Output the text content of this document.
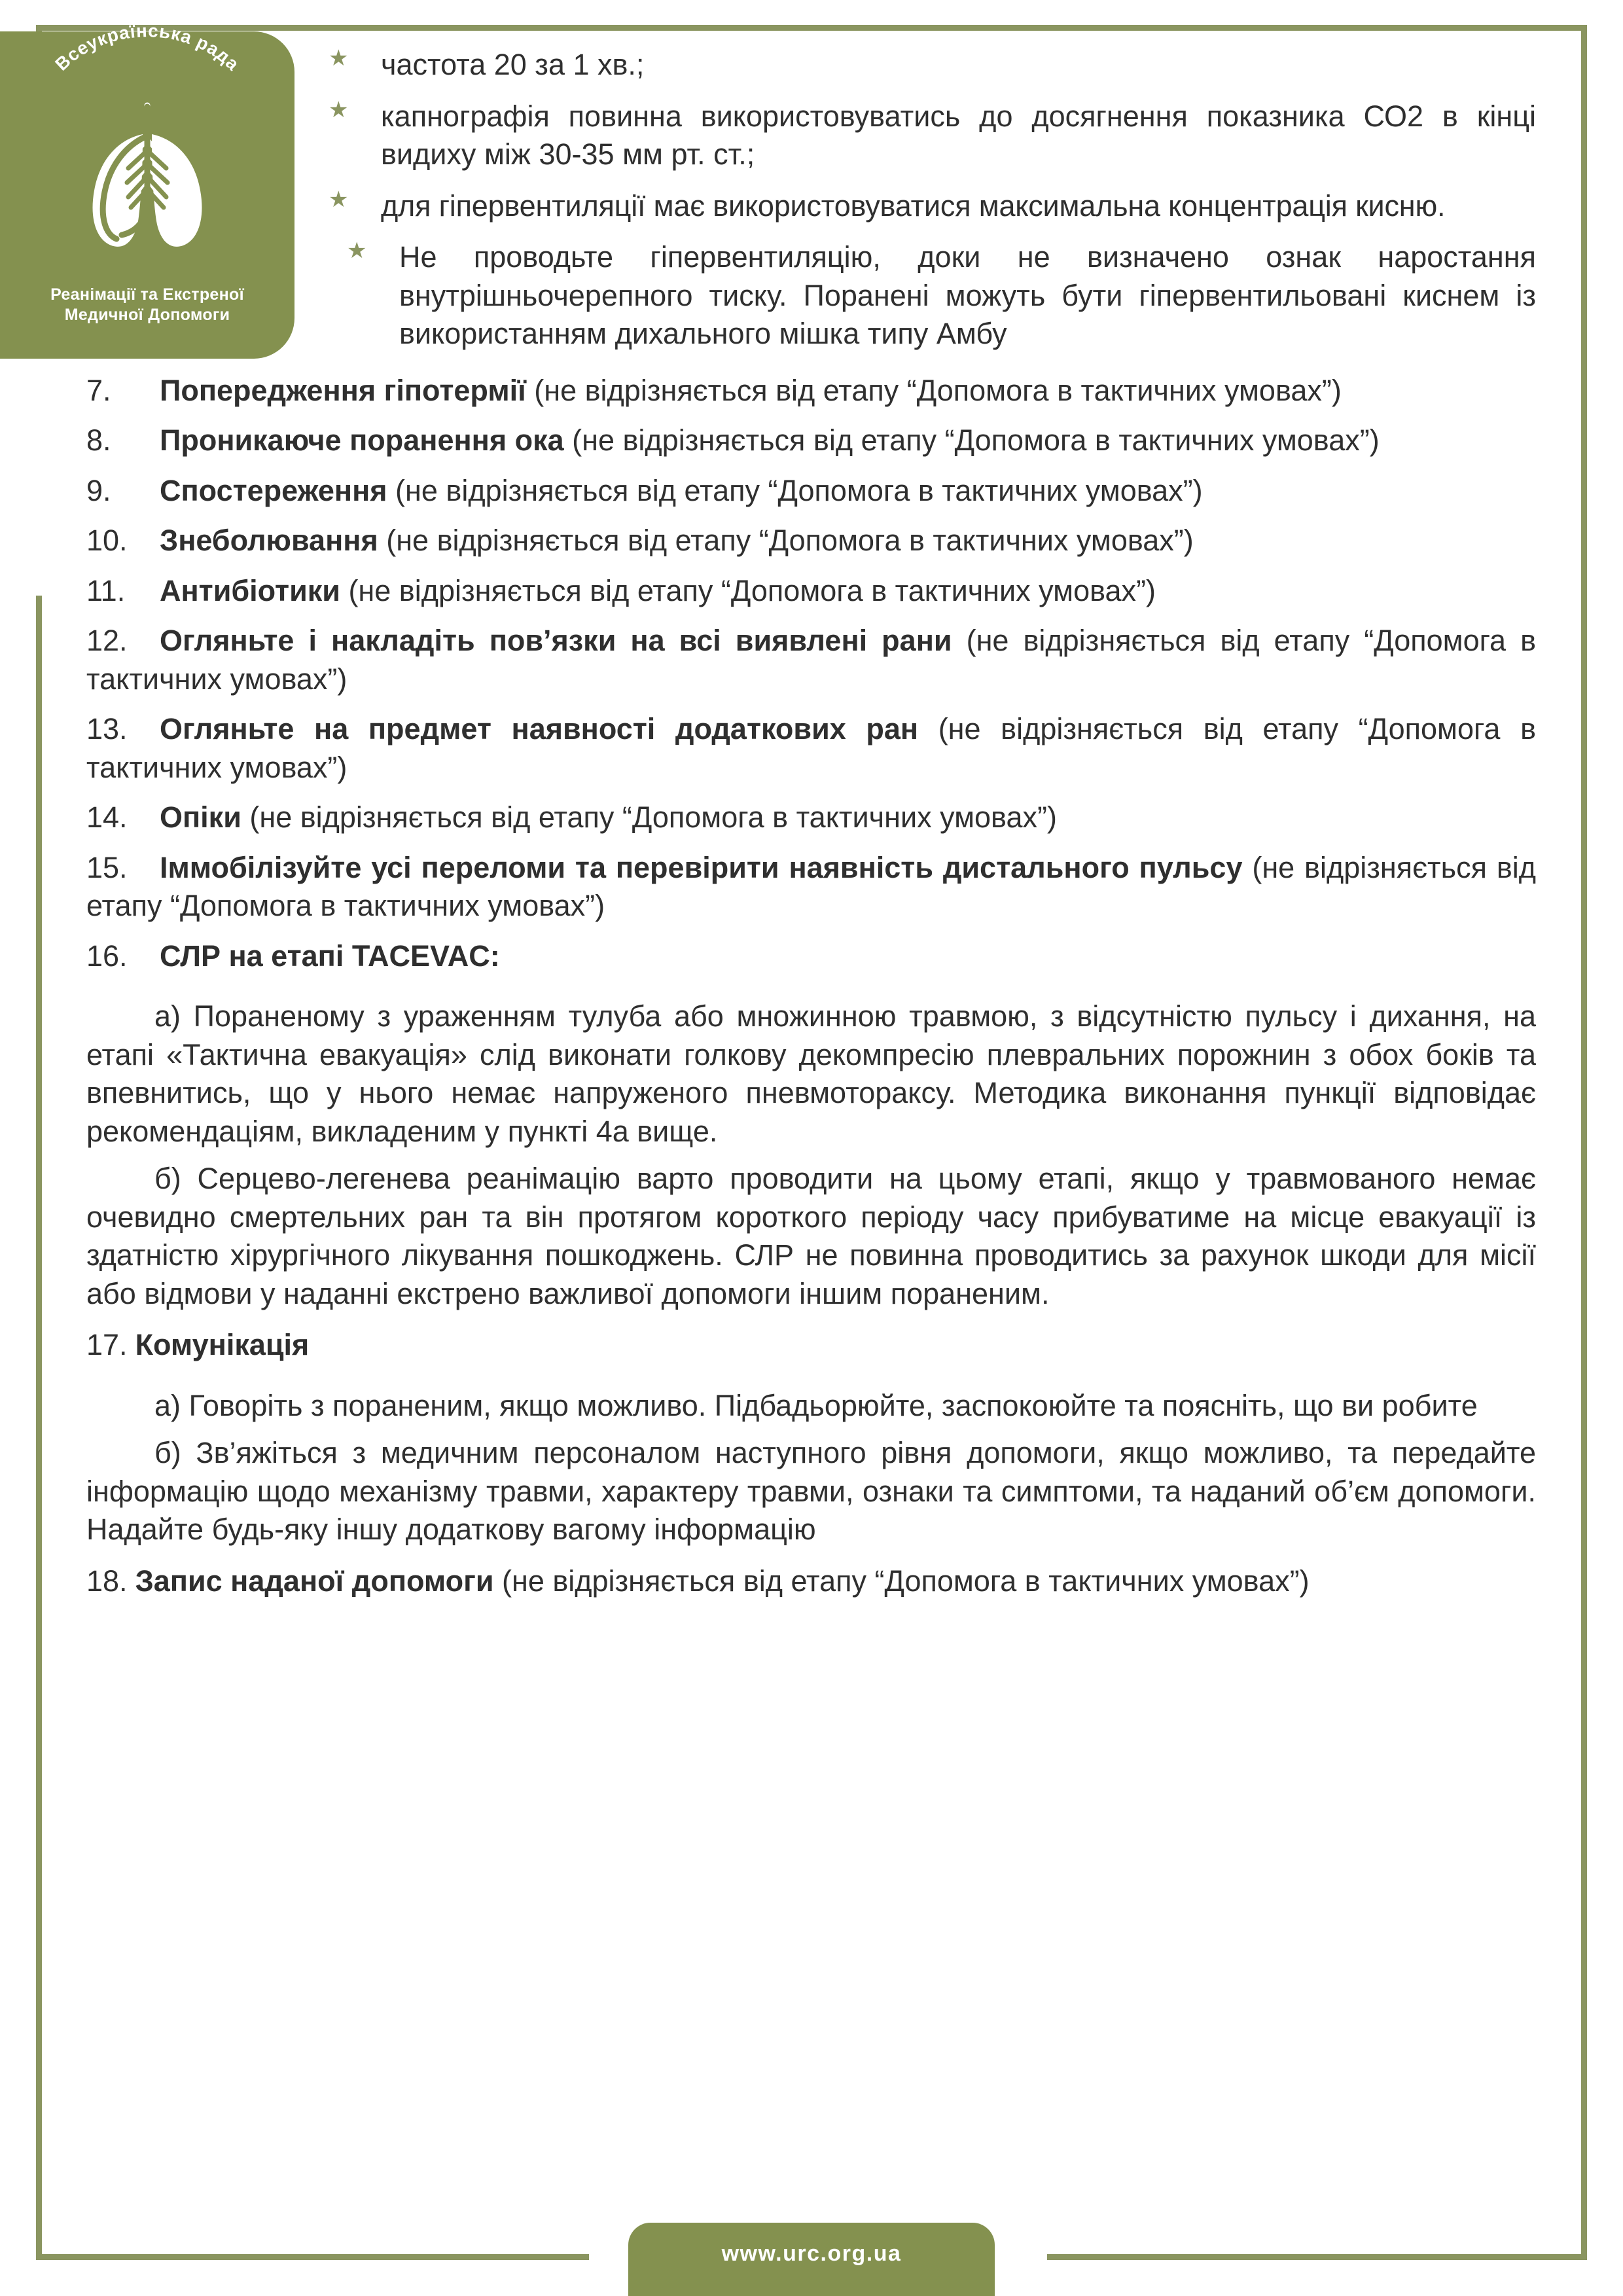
Всеукраїнська рада
Реанімації та Екстреної
Медичної Допомоги
★ частота 20 за 1 хв.;
★ капнографія повинна використовуватись до досягнення показника СО2 в кінці видиху між 30-35 мм рт. ст.;
★ для гіпервентиляції має використовуватися максимальна концентрація кисню.
★ Не проводьте гіпервентиляцію, доки не визначено ознак наростання внутрішньочерепного тиску. Поранені можуть бути гіпервентильовані киснем із використанням дихального мішка типу Амбу
7. Попередження гіпотермії (не відрізняється від етапу “Допомога в тактичних умовах”)
8. Проникаюче поранення ока (не відрізняється від етапу “Допомога в тактичних умовах”)
9. Спостереження (не відрізняється від етапу “Допомога в тактичних умовах”)
10. Знеболювання (не відрізняється від етапу “Допомога в тактичних умовах”)
11. Антибіотики (не відрізняється від етапу “Допомога в тактичних умовах”)
12. Огляньте і накладіть пов’язки на всі виявлені рани (не відрізняється від етапу “Допомога в тактичних умовах”)
13. Огляньте на предмет наявності додаткових ран (не відрізняється від етапу “Допомога в тактичних умовах”)
14. Опіки (не відрізняється від етапу “Допомога в тактичних умовах”)
15. Іммобілізуйте усі переломи та перевірити наявність дистального пульсу (не відрізняється від етапу “Допомога в тактичних умовах”)
16. СЛР на етапі TACEVAC:

а) Пораненому з ураженням тулуба або множинною травмою, з відсутністю пульсу і дихання, на етапі «Тактична евакуація» слід виконати голкову декомпресію плевральних порожнин з обох боків та впевнитись, що у нього немає напруженого пневмотораксу. Методика виконання пункції відповідає рекомендаціям, викладеним у пункті 4а вище.

б) Серцево-легенева реанімацію варто проводити на цьому етапі, якщо у травмованого немає очевидно смертельних ран та він протягом короткого періоду часу прибуватиме на місце евакуації із здатністю хірургічного лікування пошкоджень. СЛР не повинна проводитись за рахунок шкоди для місії або відмови у наданні екстрено важливої допомоги іншим пораненим.

17. Комунікація

а) Говоріть з пораненим, якщо можливо. Підбадьорюйте, заспокоюйте та поясніть, що ви робите

б) Зв’яжіться з медичним персоналом наступного рівня допомоги, якщо можливо, та передайте інформацію щодо механізму травми, характеру травми, ознаки та симптоми, та наданий об’єм допомоги. Надайте будь-яку іншу додаткову вагому інформацію

18. Запис наданої допомоги (не відрізняється від етапу “Допомога в тактичних умовах”)
www.urc.org.ua
